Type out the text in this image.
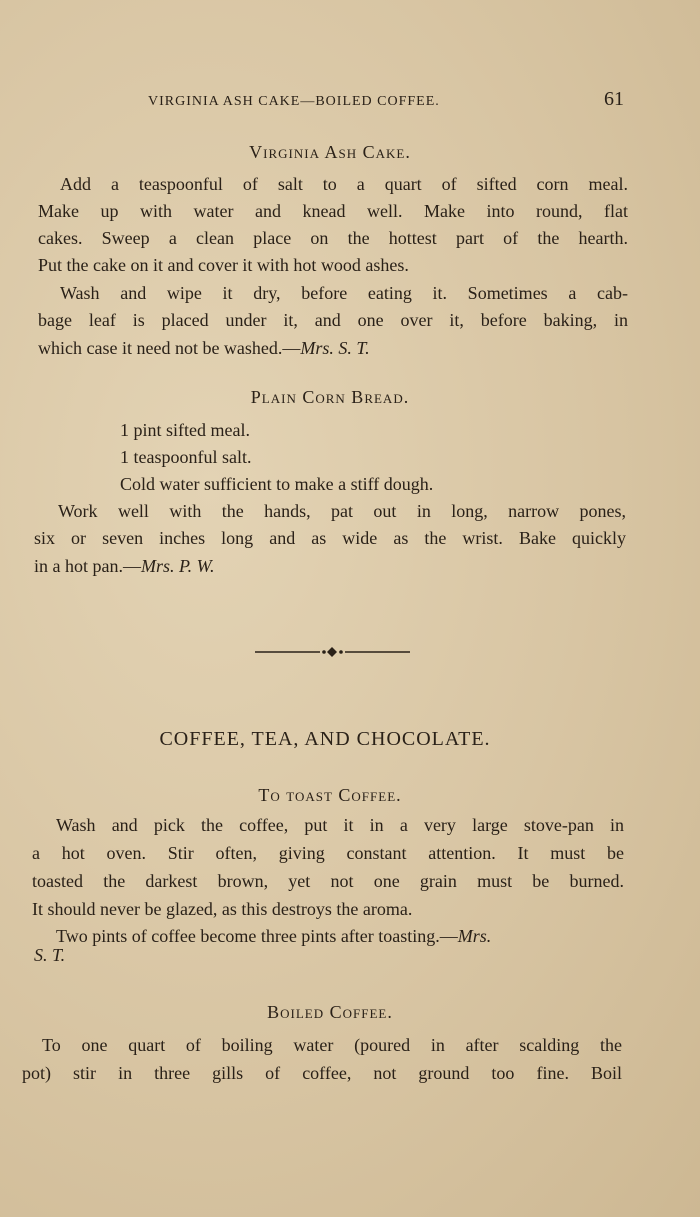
VIRGINIA ASH CAKE—BOILED COFFEE.	61
Virginia Ash Cake.
Add a teaspoonful of salt to a quart of sifted corn meal.
Make up with water and knead well. Make into round, flat
cakes. Sweep a clean place on the hottest part of the hearth.
Put the cake on it and cover it with hot wood ashes.
Wash and wipe it dry, before eating it. Sometimes a cab-
bage leaf is placed under it, and one over it, before baking, in
which case it need not be washed.—Mrs. S. T.
Plain Corn Bread.
1 pint sifted meal.
1 teaspoonful salt.
Cold water sufficient to make a stiff dough.
Work well with the hands, pat out in long, narrow pones,
six or seven inches long and as wide as the wrist. Bake quickly
in a hot pan.—Mrs. P. W.
COFFEE, TEA, AND CHOCOLATE.
To toast Coffee.
Wash and pick the coffee, put it in a very large stove-pan in
a hot oven. Stir often, giving constant attention. It must be
toasted the darkest brown, yet not one grain must be burned.
It should never be glazed, as this destroys the aroma.
Two pints of coffee become three pints after toasting.—Mrs.
S. T.
Boiled Coffee.
To one quart of boiling water (poured in after scalding the
pot) stir in three gills of coffee, not ground too fine. Boil
